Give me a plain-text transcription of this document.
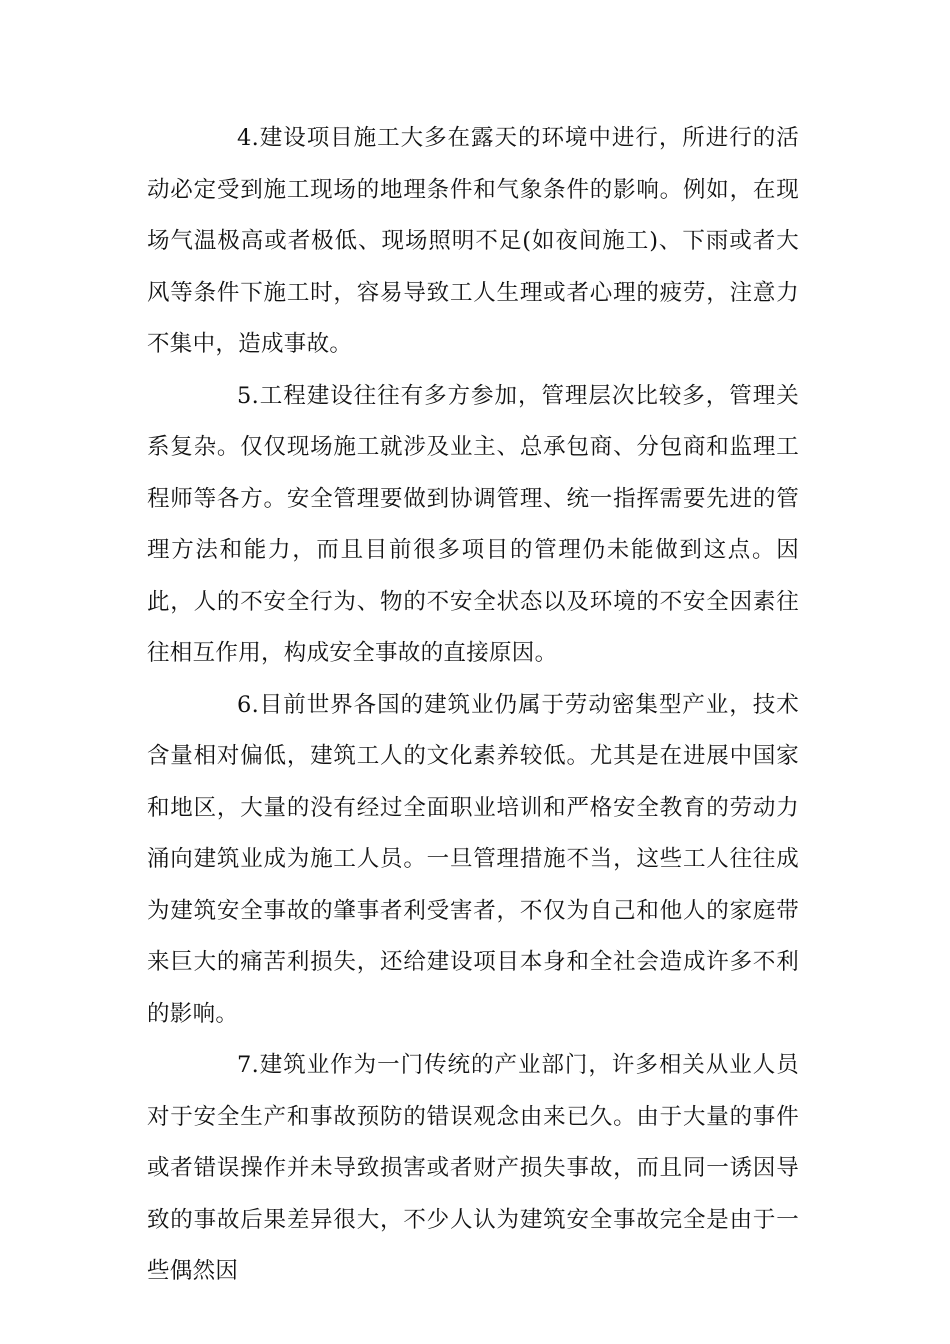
4.建设项目施工大多在露天的环境中进行，所进行的活动必定受到施工现场的地理条件和气象条件的影响。例如，在现场气温极高或者极低、现场照明不足(如夜间施工)、下雨或者大风等条件下施工时，容易导致工人生理或者心理的疲劳，注意力不集中，造成事故。

5.工程建设往往有多方参加，管理层次比较多，管理关系复杂。仅仅现场施工就涉及业主、总承包商、分包商和监理工程师等各方。安全管理要做到协调管理、统一指挥需要先进的管理方法和能力，而且目前很多项目的管理仍未能做到这点。因此，人的不安全行为、物的不安全状态以及环境的不安全因素往往相互作用，构成安全事故的直接原因。

6.目前世界各国的建筑业仍属于劳动密集型产业，技术含量相对偏低，建筑工人的文化素养较低。尤其是在进展中国家和地区，大量的没有经过全面职业培训和严格安全教育的劳动力涌向建筑业成为施工人员。一旦管理措施不当，这些工人往往成为建筑安全事故的肇事者利受害者，不仅为自己和他人的家庭带来巨大的痛苦利损失，还给建设项目本身和全社会造成许多不利的影响。

7.建筑业作为一门传统的产业部门，许多相关从业人员对于安全生产和事故预防的错误观念由来已久。由于大量的事件或者错误操作并未导致损害或者财产损失事故，而且同一诱因导致的事故后果差异很大，不少人认为建筑安全事故完全是由于一些偶然因
